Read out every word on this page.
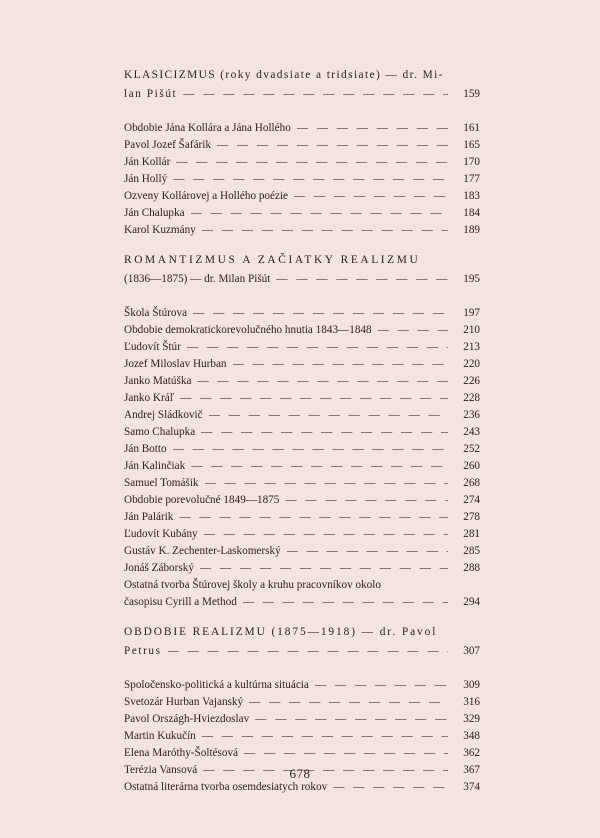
KLASICIZMUS (roky dvadsiate a tridsiate) — dr. Mi-
lan Pišút — — —	159
Obdobie Jána Kollára a Jána Hollého — — —	161
Pavol Jozef Šafárik — — —	165
Ján Kollár — — —	170
Ján Hollý — — —	177
Ozveny Kollárovej a Hollého poézie — — —	183
Ján Chalupka — — —	184
Karol Kuzmány — — —	189
ROMANTIZMUS A ZAČIATKY REALIZMU
(1836—1875) — dr. Milan Pišút — — —	195
Škola Štúrova — — —	197
Obdobie demokratickorevolučného hnutia 1843—1848 — — —	210
Ľudovít Štúr — — —	213
Jozef Miloslav Hurban — — —	220
Janko Matúška — — —	226
Janko Kráľ — — —	228
Andrej Sládkovič — — —	236
Samo Chalupka — — —	243
Ján Botto — — —	252
Ján Kalinčiak — — —	260
Samuel Tomášik — — —	268
Obdobie porevolučné 1849—1875 — — —	274
Ján Palárik — — —	278
Ľudovít Kubány — — —	281
Gustáv K. Zechenter-Laskomerský — — —	285
Jonáš Záborský — — —	288
Ostatná tvorba Štúrovej školy a kruhu pracovníkov okolo
časopisu Cyrill a Method — — —	294
OBDOBIE REALIZMU (1875—1918) — dr. Pavol
Petrus — — —	307
Spoločensko-politická a kultúrna situácia — — —	309
Svetozár Hurban Vajanský — — —	316
Pavol Országh-Hviezdoslav — — —	329
Martin Kukučín — — —	348
Elena Maróthy-Šoltésová — — —	362
Terézia Vansová — — —	367
Ostatná literárna tvorba osemdesiatych rokov — — —	374
678
